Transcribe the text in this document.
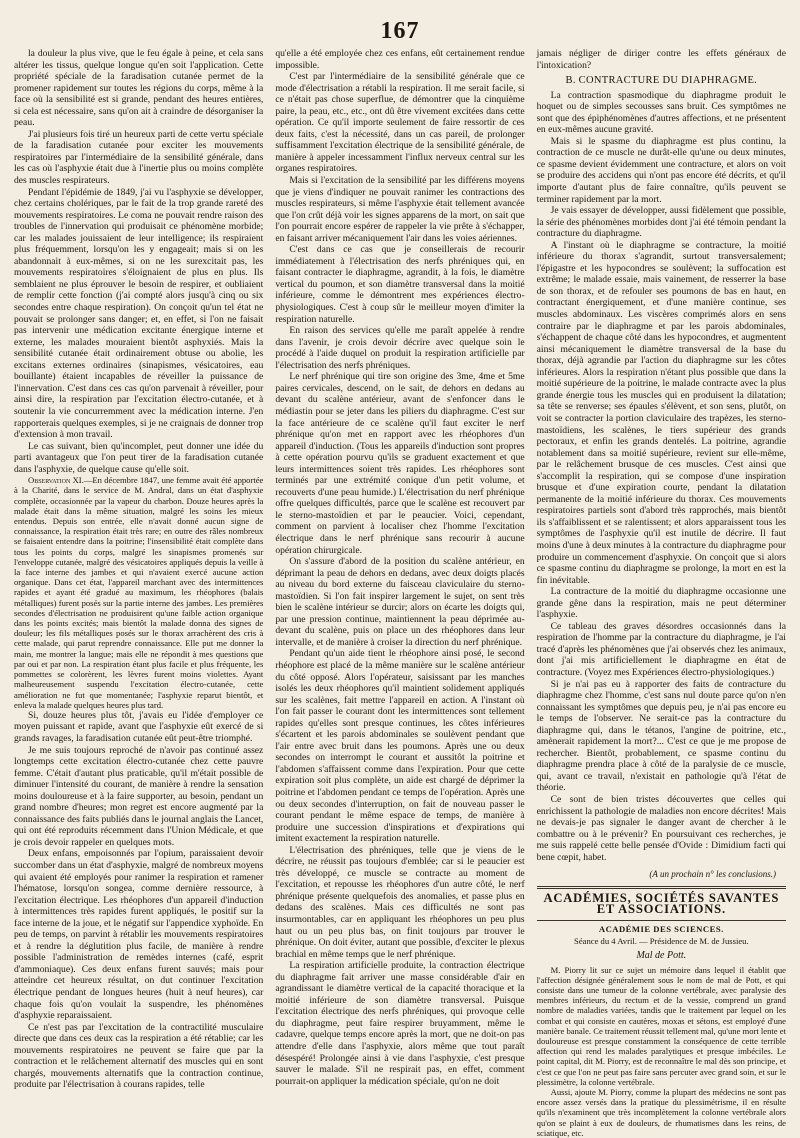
167

la douleur la plus vive, que le feu égale à peine, et cela sans altérer les tissus, quelque longue qu'en soit l'application. Cette propriété spéciale de la faradisation cutanée permet de la promener rapidement sur toutes les régions du corps, même à la face où la sensibilité est si grande, pendant des heures entières, si cela est nécessaire, sans qu'on ait à craindre de désorganiser la peau.

J'ai plusieurs fois tiré un heureux parti de cette vertu spéciale de la faradisation cutanée pour exciter les mouvements respiratoires par l'intermédiaire de la sensibilité générale, dans les cas où l'asphyxie était due à l'inertie plus ou moins complète des muscles respirateurs.

Pendant l'épidémie de 1849, j'ai vu l'asphyxie se développer, chez certains cholériques, par le fait de la trop grande rareté des mouvements respiratoires. Le coma ne pouvait rendre raison des troubles de l'innervation qui produisait ce phénomène morbide; car les malades jouissaient de leur intelligence; ils respiraient plus fréquemment, lorsqu'on les y engageait; mais si on les abandonnait à eux-mêmes, si on ne les surexcitait pas, les mouvements respiratoires s'éloignaient de plus en plus. Ils semblaient ne plus éprouver le besoin de respirer, et oubliaient de remplir cette fonction (j'ai compté alors jusqu'à cinq ou six secondes entre chaque respiration). On conçoit qu'un tel état ne pouvait se prolonger sans danger; et, en effet, si l'on ne faisait pas intervenir une médication excitante énergique interne et externe, les malades mouraient bientôt asphyxiés. Mais la sensibilité cutanée était ordinairement obtuse ou abolie, les excitans externes ordinaires (sinapismes, vésicatoires, eau bouillante) étaient incapables de réveiller la puissance de l'innervation. C'est dans ces cas qu'on parvenait à réveiller, pour ainsi dire, la respiration par l'excitation électro-cutanée, et à soutenir la vie concurremment avec la médication interne. J'en rapporterais quelques exemples, si je ne craignais de donner trop d'extension à mon travail.

Le cas suivant, bien qu'incomplet, peut donner une idée du parti avantageux que l'on peut tirer de la faradisation cutanée dans l'asphyxie, de quelque cause qu'elle soit.

Observation XI.—En décembre 1847, une femme avait été apportée à la Charité, dans le service de M. Andral, dans un état d'asphyxie complète, occasionnée par la vapeur du charbon. Douze heures après la malade était dans la même situation, malgré les soins les mieux entendus. Depuis son entrée, elle n'avait donné aucun signe de connaissance, la respiration était très rare; en outre des râles nombreux se faisaient entendre dans la poitrine; l'insensibilité était complète dans tous les points du corps, malgré les sinapismes promenés sur l'enveloppe cutanée, malgré des vésicatoires appliqués depuis la veille à la face interne des jambes et qui n'avaient exercé aucune action organique. Dans cet état, l'appareil marchant avec des intermittences rapides et ayant été gradué au maximum, les rhéophores (balais métalliques) furent posés sur la partie interne des jambes. Les premières secondes d'électrisation ne produisirent qu'une faible action organique dans les points excités; mais bientôt la malade donna des signes de douleur; les fils métalliques posés sur le thorax arrachèrent des cris à cette malade, qui parut reprendre connaissance. Elle put me donner la main, me montrer la langue; mais elle ne répondit à mes questions que par oui et par non. La respiration étant plus facile et plus fréquente, les pommettes se colorèrent, les lèvres furent moins violettes. Ayant malheureusement suspendu l'excitation électro-cutanée, cette amélioration ne fut que momentanée; l'asphyxie reparut bientôt, et enleva la malade quelques heures plus tard.

Si, douze heures plus tôt, j'avais eu l'idée d'employer ce moyen puissant et rapide, avant que l'asphyxie eût exercé de si grands ravages, la faradisation cutanée eût peut-être triomphé.

Je me suis toujours reproché de n'avoir pas continué assez longtemps cette excitation électro-cutanée chez cette pauvre femme. C'était d'autant plus praticable, qu'il m'était possible de diminuer l'intensité du courant, de manière à rendre la sensation moins douloureuse et à la faire supporter, au besoin, pendant un grand nombre d'heures; mon regret est encore augmenté par la connaissance des faits publiés dans le journal anglais the Lancet, qui ont été reproduits récemment dans l'Union Médicale, et que je crois devoir rappeler en quelques mots.

Deux enfans, empoisonnés par l'opium, paraissaient devoir succomber dans un état d'asphyxie, malgré de nombreux moyens qui avaient été employés pour ranimer la respiration et ramener l'hématose, lorsqu'on songea, comme dernière ressource, à l'excitation électrique. Les rhéophores d'un appareil d'induction à intermittences très rapides furent appliqués, le positif sur la face interne de la joue, et le négatif sur l'appendice xyphoïde. En peu de temps, on parvint à rétablir les mouvements respiratoires et à rendre la déglutition plus facile, de manière à rendre possible l'administration de remèdes internes (café, esprit d'ammoniaque). Ces deux enfans furent sauvés; mais pour atteindre cet heureux résultat, on dut continuer l'excitation électrique pendant de longues heures (huit à neuf heures), car chaque fois qu'on voulait la suspendre, les phénomènes d'asphyxie reparaissaient.

Ce n'est pas par l'excitation de la contractilité musculaire directe que dans ces deux cas la respiration a été rétablie; car les mouvements respiratoires ne peuvent se faire que par la contraction et le relâchement alternatif des muscles qui en sont chargés, mouvements alternatifs que la contraction continue, produite par l'électrisation à courans rapides, telle

qu'elle a été employée chez ces enfans, eût certainement rendue impossible.

C'est par l'intermédiaire de la sensibilité générale que ce mode d'électrisation a rétabli la respiration. Il me serait facile, si ce n'était pas chose superflue, de démontrer que la cinquième paire, la peau, etc., etc., ont dû être vivement excitées dans cette opération. Ce qu'il importe seulement de faire ressortir de ces deux faits, c'est la nécessité, dans un cas pareil, de prolonger suffisamment l'excitation électrique de la sensibilité générale, de manière à appeler incessamment l'influx nerveux central sur les organes respiratoires.

Mais si l'excitation de la sensibilité par les différens moyens que je viens d'indiquer ne pouvait ranimer les contractions des muscles respirateurs, si même l'asphyxie était tellement avancée que l'on crût déjà voir les signes apparens de la mort, on sait que l'on pourrait encore espérer de rappeler la vie prête à s'échapper, en faisant arriver mécaniquement l'air dans les voies aériennes.

C'est dans ce cas que je conseillerais de recourir immédiatement à l'électrisation des nerfs phréniques qui, en faisant contracter le diaphragme, agrandit, à la fois, le diamètre vertical du poumon, et son diamètre transversal dans la moitié inférieure, comme le démontrent mes expériences électro-physiologiques. C'est à coup sûr le meilleur moyen d'imiter la respiration naturelle.

En raison des services qu'elle me paraît appelée à rendre dans l'avenir, je crois devoir décrire avec quelque soin le procédé à l'aide duquel on produit la respiration artificielle par l'électrisation des nerfs phréniques.

Le nerf phrénique qui tire son origine des 3me, 4me et 5me paires cervicales, descend, on le sait, de dehors en dedans au devant du scalène antérieur, avant de s'enfoncer dans le médiastin pour se jeter dans les piliers du diaphragme. C'est sur la face antérieure de ce scalène qu'il faut exciter le nerf phrénique qu'on met en rapport avec les rhéophores d'un appareil d'induction. (Tous les appareils d'induction sont propres à cette opération pourvu qu'ils se graduent exactement et que leurs intermittences soient très rapides. Les rhéophores sont terminés par une extrémité conique d'un petit volume, et recouverts d'une peau humide.) L'électrisation du nerf phrénique offre quelques difficultés, parce que le scalène est recouvert par le sterno-mastoïdien et par le peaucier. Voici, cependant, comment on parvient à localiser chez l'homme l'excitation électrique dans le nerf phrénique sans recourir à aucune opération chirurgicale.

On s'assure d'abord de la position du scalène antérieur, en déprimant la peau de dehors en dedans, avec deux doigts placés au niveau du bord externe du faisceau claviculaire du sterno-mastoïdien. Si l'on fait inspirer largement le sujet, on sent très bien le scalène intérieur se durcir; alors on écarte les doigts qui, par une pression continue, maintiennent la peau déprimée au-devant du scalène, puis on place un des rhéophores dans leur intervalle, et de manière à croiser la direction du nerf phrénique.

Pendant qu'un aide tient le rhéophore ainsi posé, le second rhéophore est placé de la même manière sur le scalène antérieur du côté opposé. Alors l'opérateur, saisissant par les manches isolés les deux rhéophores qu'il maintient solidement appliqués sur les scalènes, fait mettre l'appareil en action. A l'instant où l'on fait passer le courant dont les intermittences sont tellement rapides qu'elles sont presque continues, les côtes inférieures s'écartent et les parois abdominales se soulèvent pendant que l'air entre avec bruit dans les poumons. Après une ou deux secondes on interrompt le courant et aussitôt la poitrine et l'abdomen s'affaissent comme dans l'expiration. Pour que cette expiration soit plus complète, un aide est chargé de déprimer la poitrine et l'abdomen pendant ce temps de l'opération. Après une ou deux secondes d'interruption, on fait de nouveau passer le courant pendant le même espace de temps, de manière à produire une succession d'inspirations et d'expirations qui imitent exactement la respiration naturelle.

L'électrisation des phréniques, telle que je viens de le décrire, ne réussit pas toujours d'emblée; car si le peaucier est très développé, ce muscle se contracte au moment de l'excitation, et repousse les rhéophores d'un autre côté, le nerf phrénique présente quelquefois des anomalies, et passe plus en dedans des scalènes. Mais ces difficultés ne sont pas insurmontables, car en appliquant les rhéophores un peu plus haut ou un peu plus bas, on finit toujours par trouver le phrénique. On doit éviter, autant que possible, d'exciter le plexus brachial en même temps que le nerf phrénique.

La respiration artificielle produite, la contraction électrique du diaphragme fait arriver une masse considérable d'air en agrandissant le diamètre vertical de la capacité thoracique et la moitié inférieure de son diamètre transversal. Puisque l'excitation électrique des nerfs phréniques, qui provoque celle du diaphragme, peut faire respirer bruyamment, même le cadavre, quelque temps encore après la mort, que ne doit-on pas attendre d'elle dans l'asphyxie, alors même que tout paraît désespéré! Prolongée ainsi à vie dans l'asphyxie, c'est presque sauver le malade. S'il ne respirait pas, en effet, comment pourrait-on appliquer la médication spéciale, qu'on ne doit

jamais négliger de diriger contre les effets généraux de l'intoxication?

B. CONTRACTURE DU DIAPHRAGME.

La contraction spasmodique du diaphragme produit le hoquet ou de simples secousses sans bruit. Ces symptômes ne sont que des épiphénomènes d'autres affections, et ne présentent en eux-mêmes aucune gravité.

Mais si le spasme du diaphragme est plus continu, la contraction de ce muscle ne durât-elle qu'une ou deux minutes, ce spasme devient évidemment une contracture, et alors on voit se produire des accidens qui n'ont pas encore été décrits, et qu'il importe d'autant plus de faire connaître, qu'ils peuvent se terminer rapidement par la mort.

Je vais essayer de développer, aussi fidèlement que possible, la série des phénomènes morbides dont j'ai été témoin pendant la contracture du diaphragme.

A l'instant où le diaphragme se contracture, la moitié inférieure du thorax s'agrandit, surtout transversalement; l'épigastre et les hypocondres se soulèvent; la suffocation est extrême; le malade essaie, mais vainement, de resserrer la base de son thorax, et de refouler ses poumons de bas en haut, en contractant énergiquement, et d'une manière continue, ses muscles abdominaux. Les viscères comprimés alors en sens contraire par le diaphragme et par les parois abdominales, s'échappent de chaque côté dans les hypocondres, et augmentent ainsi mécaniquement le diamètre transversal de la base du thorax, déjà agrandie par l'action du diaphragme sur les côtes inférieures. Alors la respiration n'étant plus possible que dans la moitié supérieure de la poitrine, le malade contracte avec la plus grande énergie tous les muscles qui en produisent la dilatation; sa tête se renverse; ses épaules s'élèvent, et son sens, plutôt, on voit se contracter la portion claviculaire des trapèzes, les sterno-mastoïdiens, les scalènes, le tiers supérieur des grands pectoraux, et enfin les grands dentelés. La poitrine, agrandie notablement dans sa moitié supérieure, revient sur elle-même, par le relâchement brusque de ces muscles. C'est ainsi que s'accomplit la respiration, qui se compose d'une inspiration brusque et d'une expiration courte, pendant la dilatation permanente de la moitié inférieure du thorax. Ces mouvements respiratoires partiels sont d'abord très rapprochés, mais bientôt ils s'affaiblissent et se ralentissent; et alors apparaissent tous les symptômes de l'asphyxie qu'il est inutile de décrire. Il faut moins d'une à deux minutes à la contracture du diaphragme pour produire un commencement d'asphyxie. On conçoit que si alors ce spasme continu du diaphragme se prolonge, la mort en est la fin inévitable.

La contracture de la moitié du diaphragme occasionne une grande gêne dans la respiration, mais ne peut déterminer l'asphyxie.

Ce tableau des graves désordres occasionnés dans la respiration de l'homme par la contracture du diaphragme, je l'ai tracé d'après les phénomènes que j'ai observés chez les animaux, dont j'ai mis artificiellement le diaphragme en état de contracture. (Voyez mes Expériences électro-physiologiques.)

Si je n'ai pas eu à rapporter des faits de contracture du diaphragme chez l'homme, c'est sans nul doute parce qu'on n'en connaissant les symptômes que depuis peu, je n'ai pas encore eu le temps de l'observer. Ne serait-ce pas la contracture du diaphragme qui, dans le tétanos, l'angine de poitrine, etc., amènerait rapidement la mort?... C'est ce que je me propose de rechercher. Bientôt, probablement, ce spasme continu du diaphragme prendra place à côté de la paralysie de ce muscle, qui, avant ce travail, n'existait en pathologie qu'à l'état de théorie.

Ce sont de bien tristes découvertes que celles qui enrichissent la pathologie de maladies non encore décrites! Mais ne devais-je pas signaler le danger avant de chercher à le combattre ou à le prévenir? En poursuivant ces recherches, je me suis rappelé cette belle pensée d'Ovide : Dimidium facti qui bene cœpit, habet.

(A un prochain n° les conclusions.)
ACADÉMIES, SOCIÉTÉS SAVANTES ET ASSOCIATIONS.
ACADÉMIE DES SCIENCES.
Séance du 4 Avril. — Présidence de M. de Jussieu.
Mal de Pott.

M. Piorry lit sur ce sujet un mémoire dans lequel il établit que l'affection désignée généralement sous le nom de mal de Pott, et qui consiste dans une tumeur de la colonne vertébrale, avec paralysie des membres inférieurs, du rectum et de la vessie, comprend un grand nombre de maladies variées, tandis que le traitement par lequel on les combat et qui consiste en cautères, moxas et sétons, est employé d'une manière banale. Ce traitement réussit tellement mal, qu'une mort lente et douloureuse est presque constamment la conséquence de cette terrible affection qui rend les malades paralytiques et presque imbéciles. Le point capital, dit M. Piorry, est de reconnaître le mal dès son principe, et c'est ce que l'on ne peut pas faire sans percuter avec grand soin, et sur le plessimètre, la colonne vertébrale.

Aussi, ajoute M. Piorry, comme la plupart des médecins ne sont pas encore assez versés dans la pratique du plessimétrisme, il en résulte qu'ils n'examinent que très incomplètement la colonne vertébrale alors qu'on se plaint à eux de douleurs, de rhumatismes dans les reins, de sciatique, etc.
